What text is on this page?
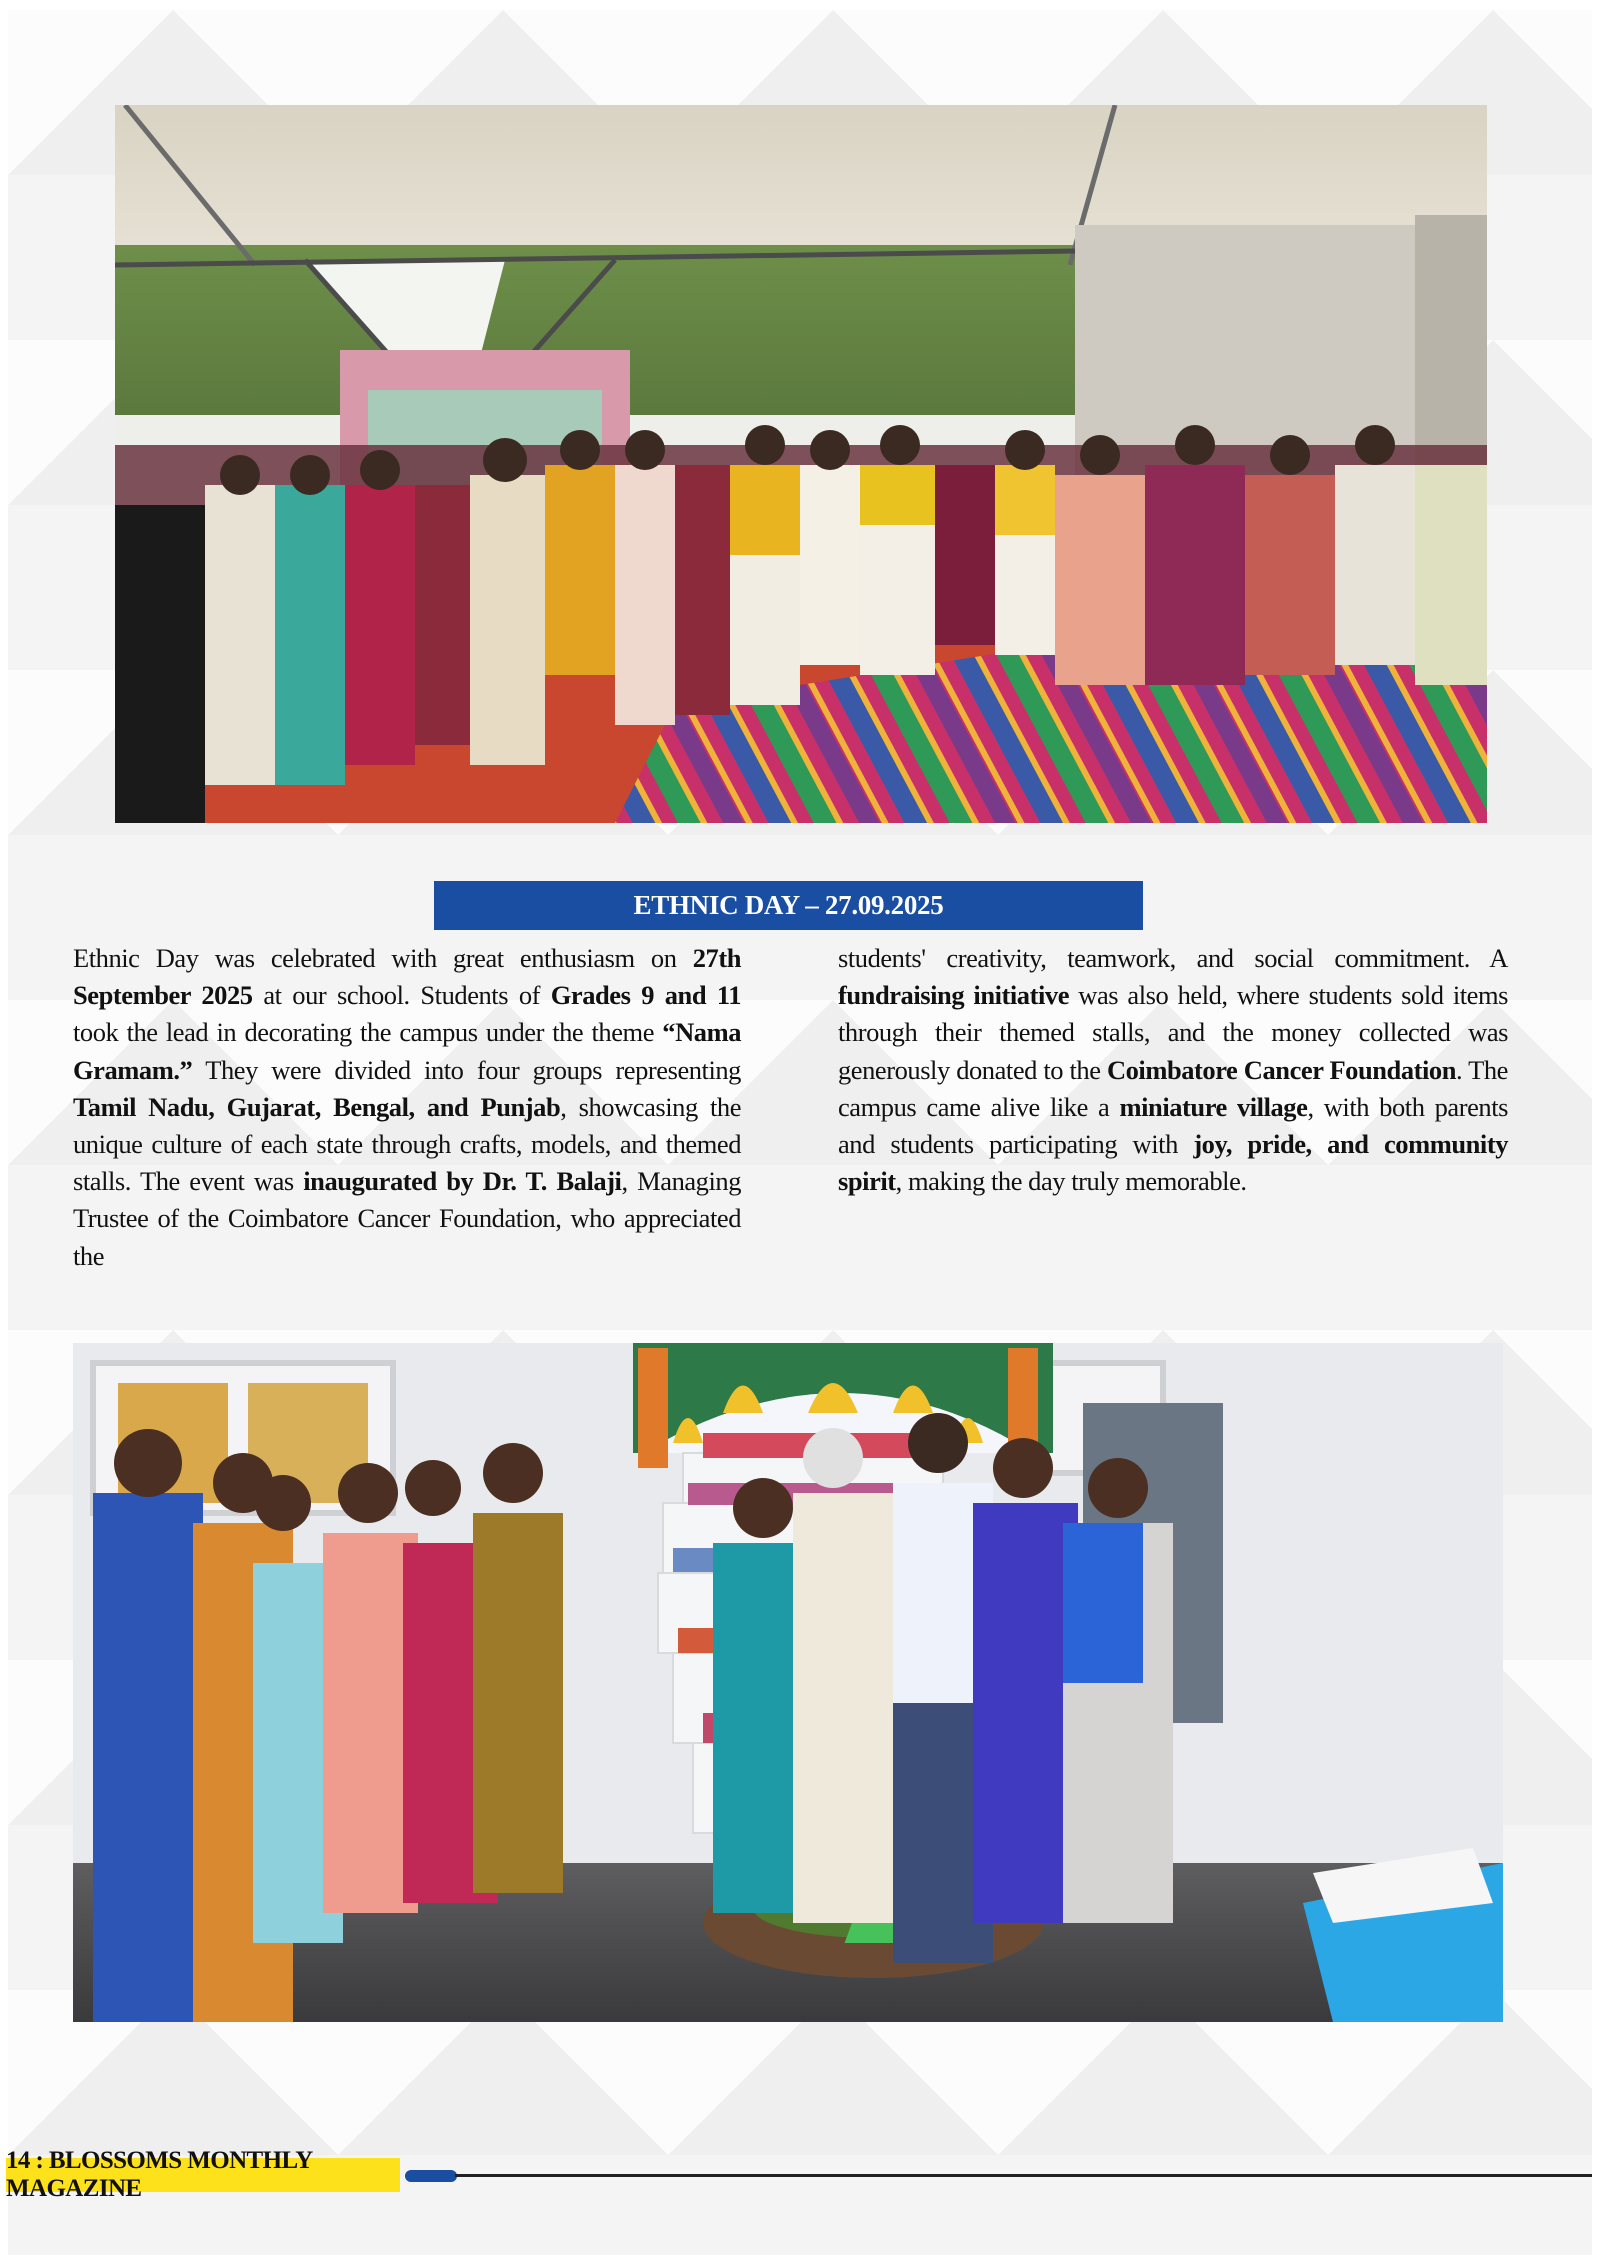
ETHNIC DAY – 27.09.2025
Ethnic Day was celebrated with great enthusiasm on 27th September 2025 at our school. Students of Grades 9 and 11 took the lead in decorating the campus under the theme “Nama Gramam.” They were divided into four groups representing Tamil Nadu, Gujarat, Bengal, and Punjab, showcasing the unique culture of each state through crafts, models, and themed stalls. The event was inaugurated by Dr. T. Balaji, Managing Trustee of the Coimbatore Cancer Foundation, who appreciated the
students' creativity, teamwork, and social commitment. A fundraising initiative was also held, where students sold items through their themed stalls, and the money collected was generously donated to the Coimbatore Cancer Foundation. The campus came alive like a miniature village, with both parents and students participating with joy, pride, and community spirit, making the day truly memorable.
14 : BLOSSOMS MONTHLY MAGAZINE
